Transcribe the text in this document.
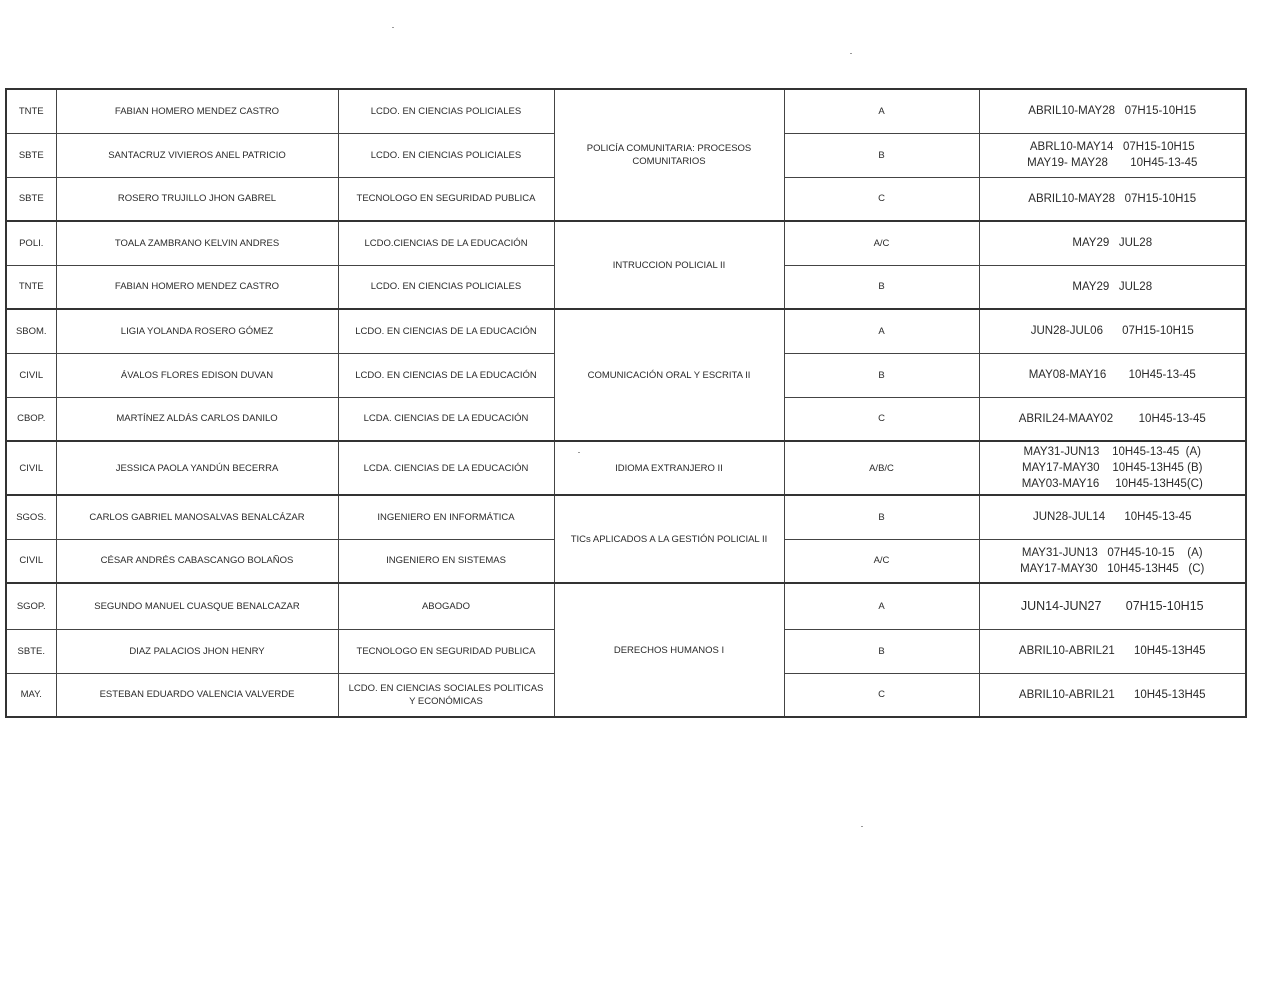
TNTE	FABIAN HOMERO MENDEZ CASTRO	LCDO. EN CIENCIAS POLICIALES	POLICÍA COMUNITARIA: PROCESOS COMUNITARIOS	A	ABRIL10-MAY28   07H15-10H15

SBTE	SANTACRUZ VIVIEROS ANEL PATRICIO	LCDO. EN CIENCIAS POLICIALES		B	ABRL10-MAY14   07H15-10H15
MAY19- MAY28       10H45-13-45

SBTE	ROSERO TRUJILLO JHON GABREL	TECNOLOGO EN SEGURIDAD PUBLICA		C	ABRIL10-MAY28   07H15-10H15

POLI.	TOALA ZAMBRANO KELVIN ANDRES	LCDO.CIENCIAS DE LA EDUCACIÓN	INTRUCCION POLICIAL II	A/C	MAY29   JUL28

TNTE	FABIAN HOMERO MENDEZ CASTRO	LCDO. EN CIENCIAS POLICIALES		B	MAY29   JUL28

SBOM.	LIGIA YOLANDA ROSERO GÓMEZ	LCDO. EN CIENCIAS DE LA EDUCACIÓN	COMUNICACIÓN ORAL Y ESCRITA II	A	JUN28-JUL06      07H15-10H15

CIVIL	ÁVALOS FLORES EDISON DUVAN	LCDO. EN CIENCIAS DE LA EDUCACIÓN		B	MAY08-MAY16       10H45-13-45

CBOP.	MARTÍNEZ ALDÁS CARLOS DANILO	LCDA. CIENCIAS DE LA EDUCACIÓN		C	ABRIL24-MAAY02        10H45-13-45

CIVIL	JESSICA PAOLA YANDÚN BECERRA	LCDA. CIENCIAS DE LA EDUCACIÓN	IDIOMA EXTRANJERO II	A/B/C	MAY31-JUN13    10H45-13-45  (A)
MAY17-MAY30    10H45-13H45 (B)
MAY03-MAY16     10H45-13H45(C)

SGOS.	CARLOS GABRIEL MANOSALVAS BENALCÁZAR	INGENIERO EN INFORMÁTICA	TICs APLICADOS A LA GESTIÓN POLICIAL II	B	JUN28-JUL14      10H45-13-45

CIVIL	CÉSAR ANDRÉS CABASCANGO BOLAÑOS	INGENIERO EN SISTEMAS		A/C	MAY31-JUN13   07H45-10-15    (A)
MAY17-MAY30   10H45-13H45   (C)

SGOP.	SEGUNDO MANUEL CUASQUE BENALCAZAR	ABOGADO	DERECHOS HUMANOS I	A	JUN14-JUN27       07H15-10H15

SBTE.	DIAZ PALACIOS JHON HENRY	TECNOLOGO EN SEGURIDAD PUBLICA		B	ABRIL10-ABRIL21      10H45-13H45

MAY.	ESTEBAN EDUARDO VALENCIA VALVERDE	LCDO. EN CIENCIAS SOCIALES POLITICAS Y ECONÓMICAS		C	ABRIL10-ABRIL21      10H45-13H45
